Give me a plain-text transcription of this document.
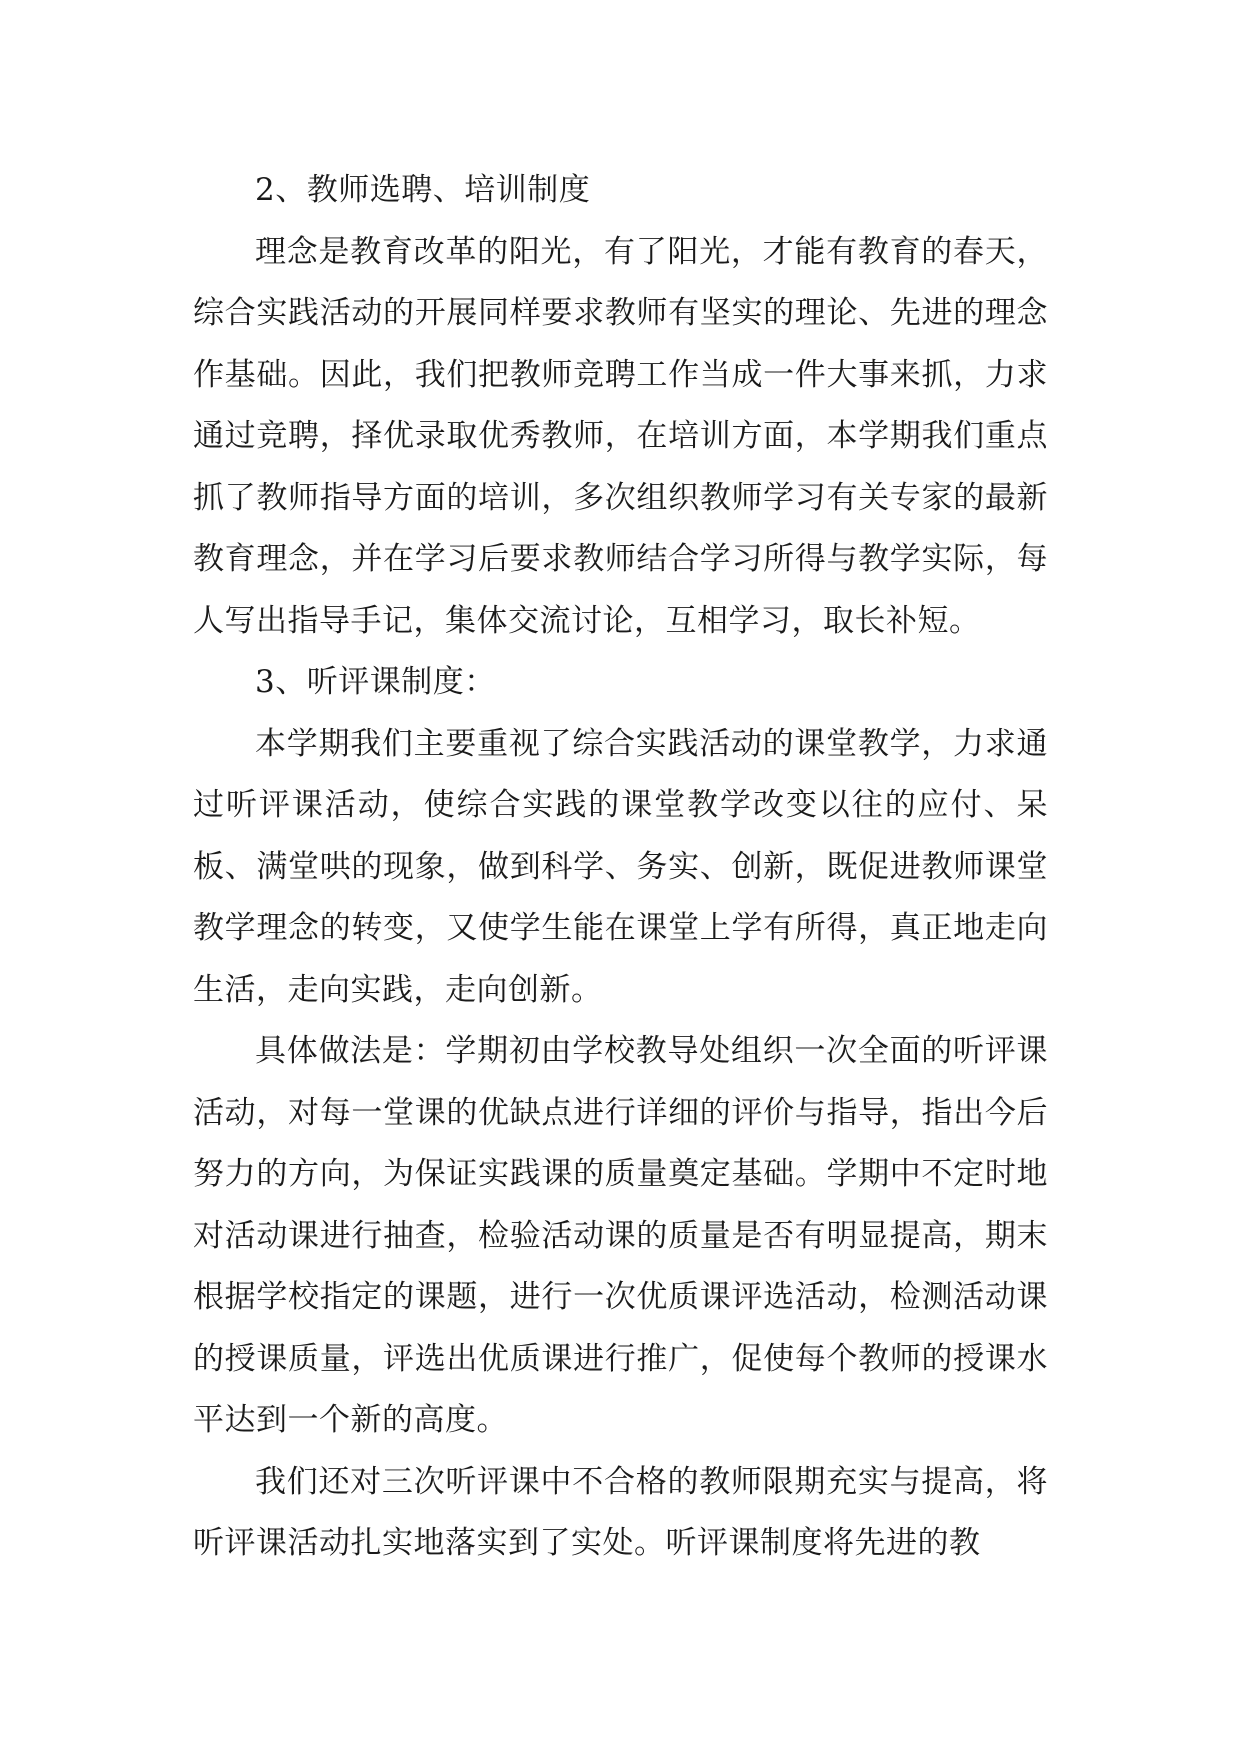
2、教师选聘、培训制度

理念是教育改革的阳光，有了阳光，才能有教育的春天，综合实践活动的开展同样要求教师有坚实的理论、先进的理念作基础。因此，我们把教师竞聘工作当成一件大事来抓，力求通过竞聘，择优录取优秀教师，在培训方面，本学期我们重点抓了教师指导方面的培训，多次组织教师学习有关专家的最新教育理念，并在学习后要求教师结合学习所得与教学实际，每人写出指导手记，集体交流讨论，互相学习，取长补短。

3、听评课制度：

本学期我们主要重视了综合实践活动的课堂教学，力求通过听评课活动，使综合实践的课堂教学改变以往的应付、呆板、满堂哄的现象，做到科学、务实、创新，既促进教师课堂教学理念的转变，又使学生能在课堂上学有所得，真正地走向生活，走向实践，走向创新。

具体做法是：学期初由学校教导处组织一次全面的听评课活动，对每一堂课的优缺点进行详细的评价与指导，指出今后努力的方向，为保证实践课的质量奠定基础。学期中不定时地对活动课进行抽查，检验活动课的质量是否有明显提高，期末根据学校指定的课题，进行一次优质课评选活动，检测活动课的授课质量，评选出优质课进行推广，促使每个教师的授课水平达到一个新的高度。

我们还对三次听评课中不合格的教师限期充实与提高，将听评课活动扎实地落实到了实处。听评课制度将先进的教
